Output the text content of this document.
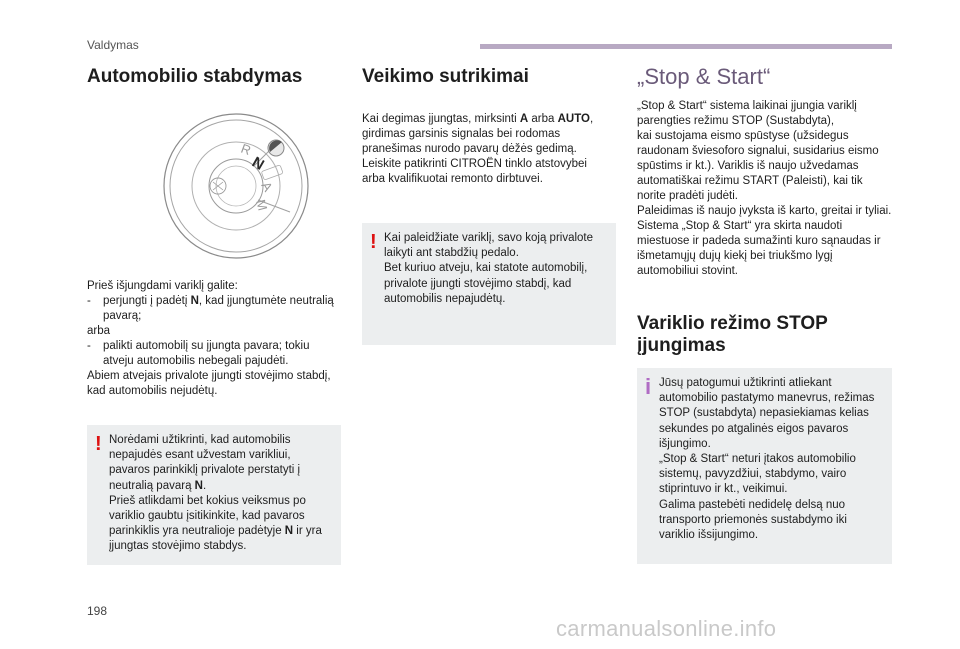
Valdymas
Automobilio stabdymas
R
N
A
M

Prieš išjungdami variklį galite:

-	perjungti į padėtį N, kad įjungtumėte neutralią pavarą;

arba

-	palikti automobilį su įjungta pavara; tokiu atveju automobilis nebegali pajudėti.

Abiem atvejais privalote įjungti stovėjimo stabdį, kad automobilis nejudėtų.

! Norėdami užtikrinti, kad automobilis nepajudės esant užvestam varikliui, pavaros parinkiklį privalote perstatyti į neutralią pavarą N.

Prieš atlikdami bet kokius veiksmus po variklio gaubtu įsitikinkite, kad pavaros parinkiklis yra neutralioje padėtyje N ir yra įjungtas stovėjimo stabdys.

Veikimo sutrikimai

Kai degimas įjungtas, mirksinti A arba AUTO, girdimas garsinis signalas bei rodomas pranešimas nurodo pavarų dėžės gedimą.

Leiskite patikrinti CITROËN tinklo atstovybei arba kvalifikuotai remonto dirbtuvei.

! Kai paleidžiate variklį, savo koją privalote laikyti ant stabdžių pedalo.

Bet kuriuo atveju, kai statote automobilį, privalote įjungti stovėjimo stabdį, kad automobilis nepajudėtų.

„Stop & Start“

„Stop & Start“ sistema laikinai įjungia variklį parengties režimu STOP (Sustabdyta),

kai sustojama eismo spūstyse (užsidegus raudonam šviesoforo signalui, susidarius eismo spūstims ir kt.). Variklis iš naujo užvedamas automatiškai režimu START (Paleisti), kai tik norite pradėti judėti.

Paleidimas iš naujo įvyksta iš karto, greitai ir tyliai.

Sistema „Stop & Start“ yra skirta naudoti miestuose ir padeda sumažinti kuro sąnaudas ir išmetamųjų dujų kiekį bei triukšmo lygį automobiliui stovint.

Variklio režimo STOP įjungimas
i Jūsų patogumui užtikrinti atliekant automobilio pastatymo manevrus, režimas STOP (sustabdyta) nepasiekiamas kelias sekundes po atgalinės eigos pavaros išjungimo.

„Stop & Start“ neturi įtakos automobilio sistemų, pavyzdžiui, stabdymo, vairo stiprintuvo ir kt., veikimui.

Galima pastebėti nedidelę delsą nuo transporto priemonės sustabdymo iki variklio išsijungimo.

198
carmanualsonline.info
